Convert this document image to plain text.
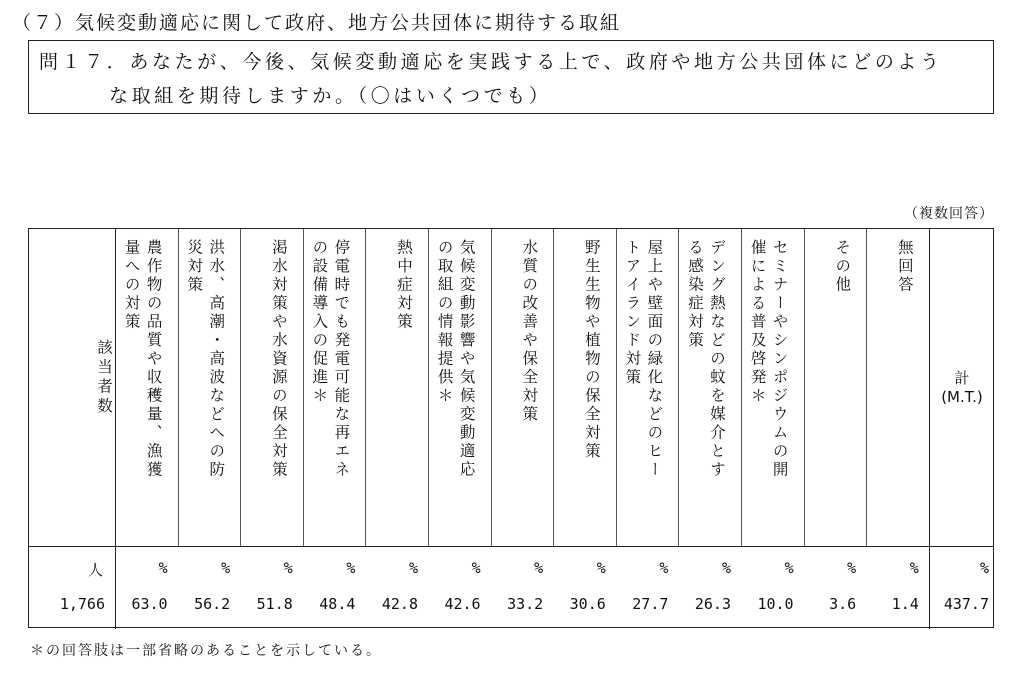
（７）気候変動適応に関して政府、地方公共団体に期待する取組
問１７．あなたが、今後、気候変動適応を実践する上で、政府や地方公共団体にどのよう
な取組を期待しますか。（〇はいくつでも）
（複数回答）
該当者数
人
1,766
計
(M.T.)
%
437.7
農作物の品質や収穫量、漁獲
量への対策
%
63.0
洪水、高潮・高波などへの防
災対策
%
56.2
渇水対策や水資源の保全対策
%
51.8
停電時でも発電可能な再エネ
の設備導入の促進＊
%
48.4
熱中症対策
%
42.8
気候変動影響や気候変動適応
の取組の情報提供＊
%
42.6
水質の改善や保全対策
%
33.2
野生生物や植物の保全対策
%
30.6
屋上や壁面の緑化などのヒー
トアイランド対策
%
27.7
デング熱などの蚊を媒介とす
る感染症対策
%
26.3
セミナーやシンポジウムの開
催による普及啓発＊
%
10.0
その他
%
3.6
無回答
%
1.4
＊の回答肢は一部省略のあることを示している。
